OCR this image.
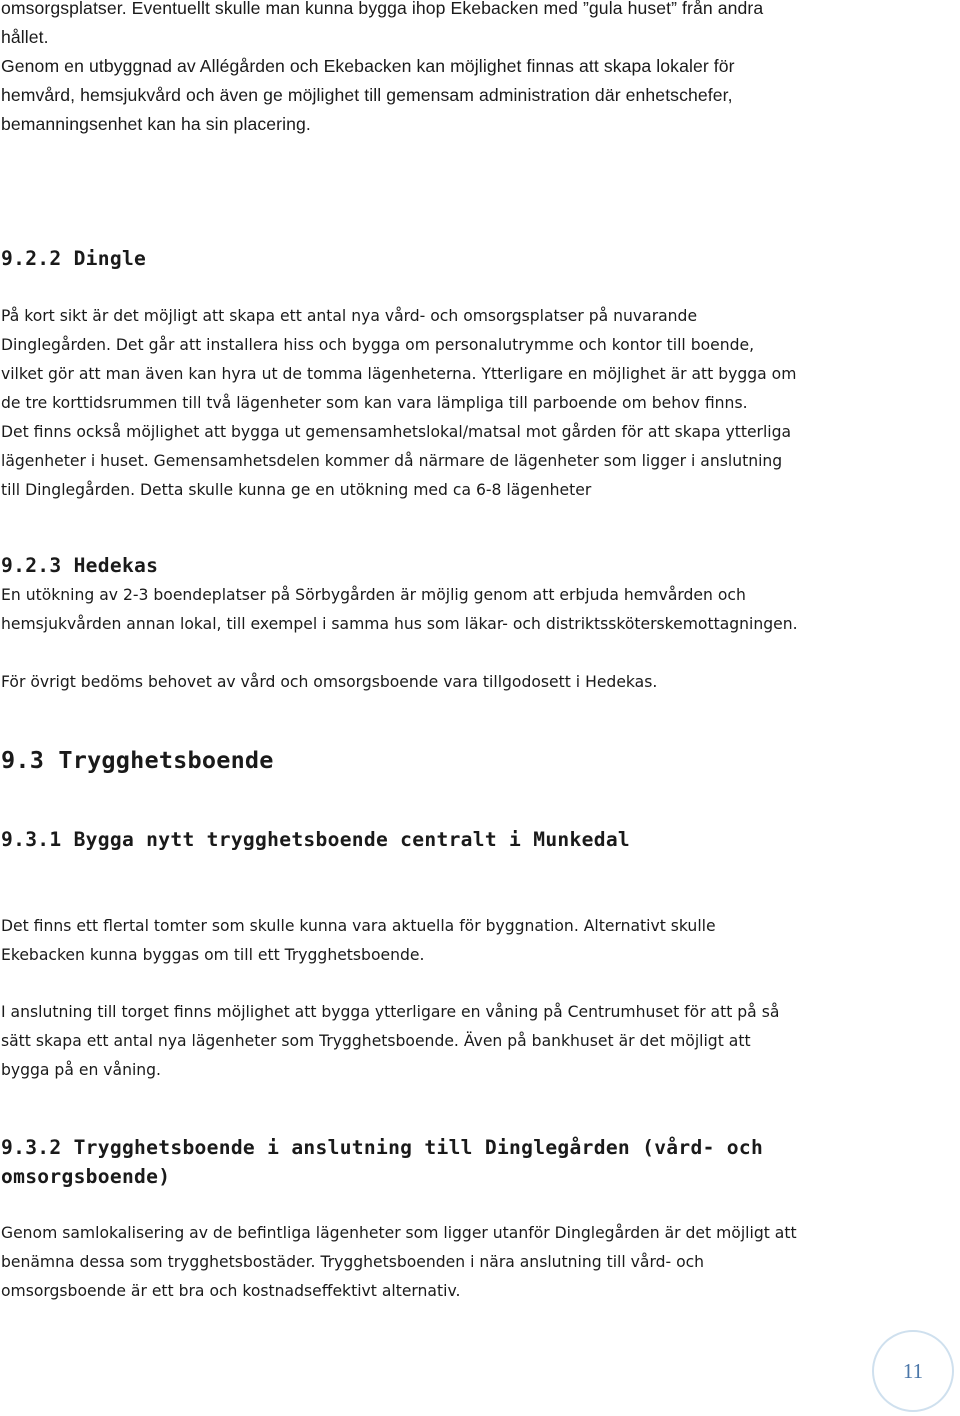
omsorgsplatser. Eventuellt skulle man kunna bygga ihop Ekebacken med ”gula huset” från andra
hållet.
Genom en utbyggnad av Allégården och Ekebacken kan möjlighet finnas att skapa lokaler för
hemvård, hemsjukvård och även ge möjlighet till gemensam administration där enhetschefer,
bemanningsenhet kan ha sin placering.
9.2.2 Dingle
På kort sikt är det möjligt att skapa ett antal nya vård- och omsorgsplatser på nuvarande
Dinglegården. Det går att installera hiss och bygga om personalutrymme och kontor till boende,
vilket gör att man även kan hyra ut de tomma lägenheterna. Ytterligare en möjlighet är att bygga om
de tre korttidsrummen till två lägenheter som kan vara lämpliga till parboende om behov finns.
Det finns också möjlighet att bygga ut gemensamhetslokal/matsal mot gården för att skapa ytterliga
lägenheter i huset. Gemensamhetsdelen kommer då närmare de lägenheter som ligger i anslutning
till Dinglegården. Detta skulle kunna ge en utökning med ca 6-8 lägenheter
9.2.3 Hedekas
En utökning av 2-3 boendeplatser på Sörbygården är möjlig genom att erbjuda hemvården och
hemsjukvården annan lokal, till exempel i samma hus som läkar- och distriktssköterskemottagningen.
För övrigt bedöms behovet av vård och omsorgsboende vara tillgodosett i Hedekas.
9.3 Trygghetsboende
9.3.1 Bygga nytt trygghetsboende centralt i Munkedal
Det finns ett flertal tomter som skulle kunna vara aktuella för byggnation. Alternativt skulle
Ekebacken kunna byggas om till ett Trygghetsboende.
I anslutning till torget finns möjlighet att bygga ytterligare en våning på Centrumhuset för att på så
sätt skapa ett antal nya lägenheter som Trygghetsboende. Även på bankhuset är det möjligt att
bygga på en våning.
9.3.2 Trygghetsboende i anslutning till Dinglegården (vård- och
omsorgsboende)
Genom samlokalisering av de befintliga lägenheter som ligger utanför Dinglegården är det möjligt att
benämna dessa som trygghetsbostäder. Trygghetsboenden i nära anslutning till vård- och
omsorgsboende är ett bra och kostnadseffektivt alternativ.
11
